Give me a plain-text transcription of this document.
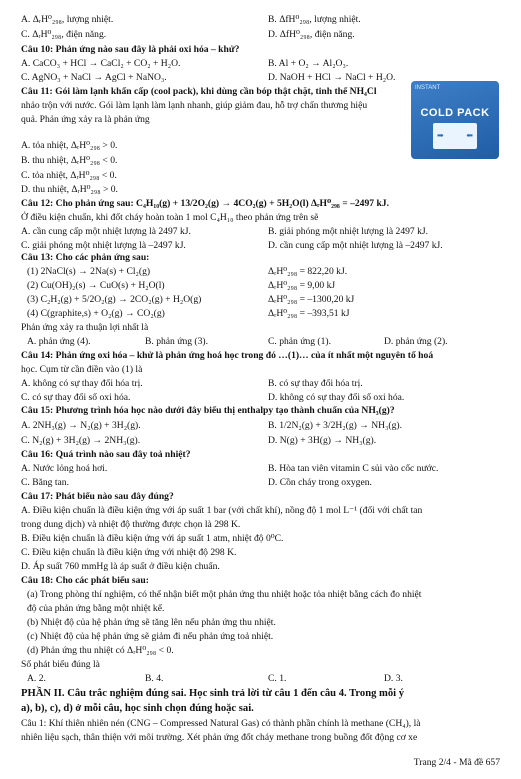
A. ΔᵣH⁰₂₉₈, lượng nhiệt.	B. ΔfH⁰₂₉₈, lượng nhiệt.
C. ΔᵣH⁰₂₉₈, điện năng.	D. ΔfH⁰₂₉₈, điện năng.
Câu 10: Phản ứng nào sau đây là phải oxi hóa – khử?
A. CaCO₃ + HCl → CaCl₂ + CO₂ + H₂O.	B. Al + O₂ → Al₂O₃.
C. AgNO₃ + NaCl → AgCl + NaNO₃.	D. NaOH + HCl → NaCl + H₂O.
Câu 11: Gói làm lạnh khẩn cấp (cool pack), khi dùng cần bóp thật chặt, tinh thể NH₄Cl
nhảo trộn với nước. Gói làm lạnh làm lạnh nhanh, giúp giảm đau, hỗ trợ chấn thương hiệu
quả. Phản ứng xảy ra là phản ứng
INSTANT
COLD PACK
➡	⬅
A. tỏa nhiệt, ΔᵣH⁰₂₉₈ > 0.
B. thu nhiệt, ΔᵣH⁰₂₉₈ < 0.
C. tỏa nhiệt, ΔᵣH⁰₂₉₈ < 0.
D. thu nhiệt, ΔᵣH⁰₂₉₈ > 0.
Câu 12: Cho phản ứng sau: C₄H₁₀(g) + 13/2O₂(g) → 4CO₂(g) + 5H₂O(l) ΔᵣH⁰₂₉₈ = –2497 kJ.
Ở điều kiện chuẩn, khi đốt cháy hoàn toàn 1 mol C₄H₁₀ theo phản ứng trên sẽ
A. cần cung cấp một nhiệt lượng là 2497 kJ.	B. giải phóng một nhiệt lượng là 2497 kJ.
C. giải phóng một nhiệt lượng là –2497 kJ.	D. cần cung cấp một nhiệt lượng là –2497 kJ.
Câu 13: Cho các phản ứng sau:
(1) 2NaCl(s) → 2Na(s) + Cl₂(g)	ΔᵣH⁰₂₉₈ = 822,20 kJ.
(2) Cu(OH)₂(s) → CuO(s) + H₂O(l)	ΔᵣH⁰₂₉₈ = 9,00 kJ
(3) C₂H₂(g) + 5/2O₂(g) → 2CO₂(g) + H₂O(g)	ΔᵣH⁰₂₉₈ = –1300,20 kJ
(4) C(graphite,s) + O₂(g) → CO₂(g)	ΔᵣH⁰₂₉₈ = –393,51 kJ
Phản ứng xảy ra thuận lợi nhất là
A. phản ứng (4).	B. phản ứng (3).	C. phản ứng (1).	D. phản ứng (2).
Câu 14: Phản ứng oxi hóa – khử là phản ứng hoá học trong đó …(1)… của ít nhất một nguyên tố hoá
học. Cụm từ cần điền vào (1) là
A. không có sự thay đổi hóa trị.	B. có sự thay đổi hóa trị.
C. có sự thay đổi số oxi hóa.	D. không có sự thay đổi số oxi hóa.
Câu 15: Phương trình hóa học nào dưới đây biểu thị enthalpy tạo thành chuẩn của NH₃(g)?
A. 2NH₃(g) → N₂(g) + 3H₂(g).	B. 1/2N₂(g) + 3/2H₂(g) → NH₃(g).
C. N₂(g) + 3H₂(g) → 2NH₃(g).	D. N(g) + 3H(g) → NH₃(g).
Câu 16: Quá trình nào sau đây toả nhiệt?
A. Nước lỏng hoá hơi.	B. Hòa tan viên vitamin C sủi vào cốc nước.
C. Băng tan.	D. Cồn cháy trong oxygen.
Câu 17: Phát biểu nào sau đây đúng?
A. Điều kiện chuẩn là điều kiện ứng với áp suất 1 bar (với chất khí), nồng độ 1 mol L⁻¹ (đối với chất tan
trong dung dịch) và nhiệt độ thường được chọn là 298 K.
B. Điều kiện chuẩn là điều kiện ứng với áp suất 1 atm, nhiệt độ 0⁰C.
C. Điều kiện chuẩn là điều kiện ứng với nhiệt độ 298 K.
D. Áp suất 760 mmHg là áp suất ở điều kiện chuẩn.
Câu 18: Cho các phát biểu sau:
(a) Trong phòng thí nghiệm, có thể nhận biết một phản ứng thu nhiệt hoặc tỏa nhiệt bằng cách đo nhiệt
độ của phản ứng bằng một nhiệt kế.
(b) Nhiệt độ của hệ phản ứng sẽ tăng lên nếu phản ứng thu nhiệt.
(c) Nhiệt độ của hệ phản ứng sẽ giảm đi nếu phản ứng toả nhiệt.
(d) Phản ứng thu nhiệt có ΔᵣH⁰₂₉₈ < 0.
Số phát biểu đúng là
A. 2.	B. 4.	C. 1.	D. 3.
PHẦN II. Câu trắc nghiệm đúng sai. Học sinh trả lời từ câu 1 đến câu 4. Trong mỗi ý
a), b), c), d) ở mỗi câu, học sinh chọn đúng hoặc sai.
Câu 1: Khí thiên nhiên nén (CNG – Compressed Natural Gas) có thành phần chính là methane (CH₄), là
nhiên liệu sạch, thân thiện với môi trường. Xét phản ứng đốt cháy methane trong buồng đốt động cơ xe
Trang 2/4 - Mã đề 657
